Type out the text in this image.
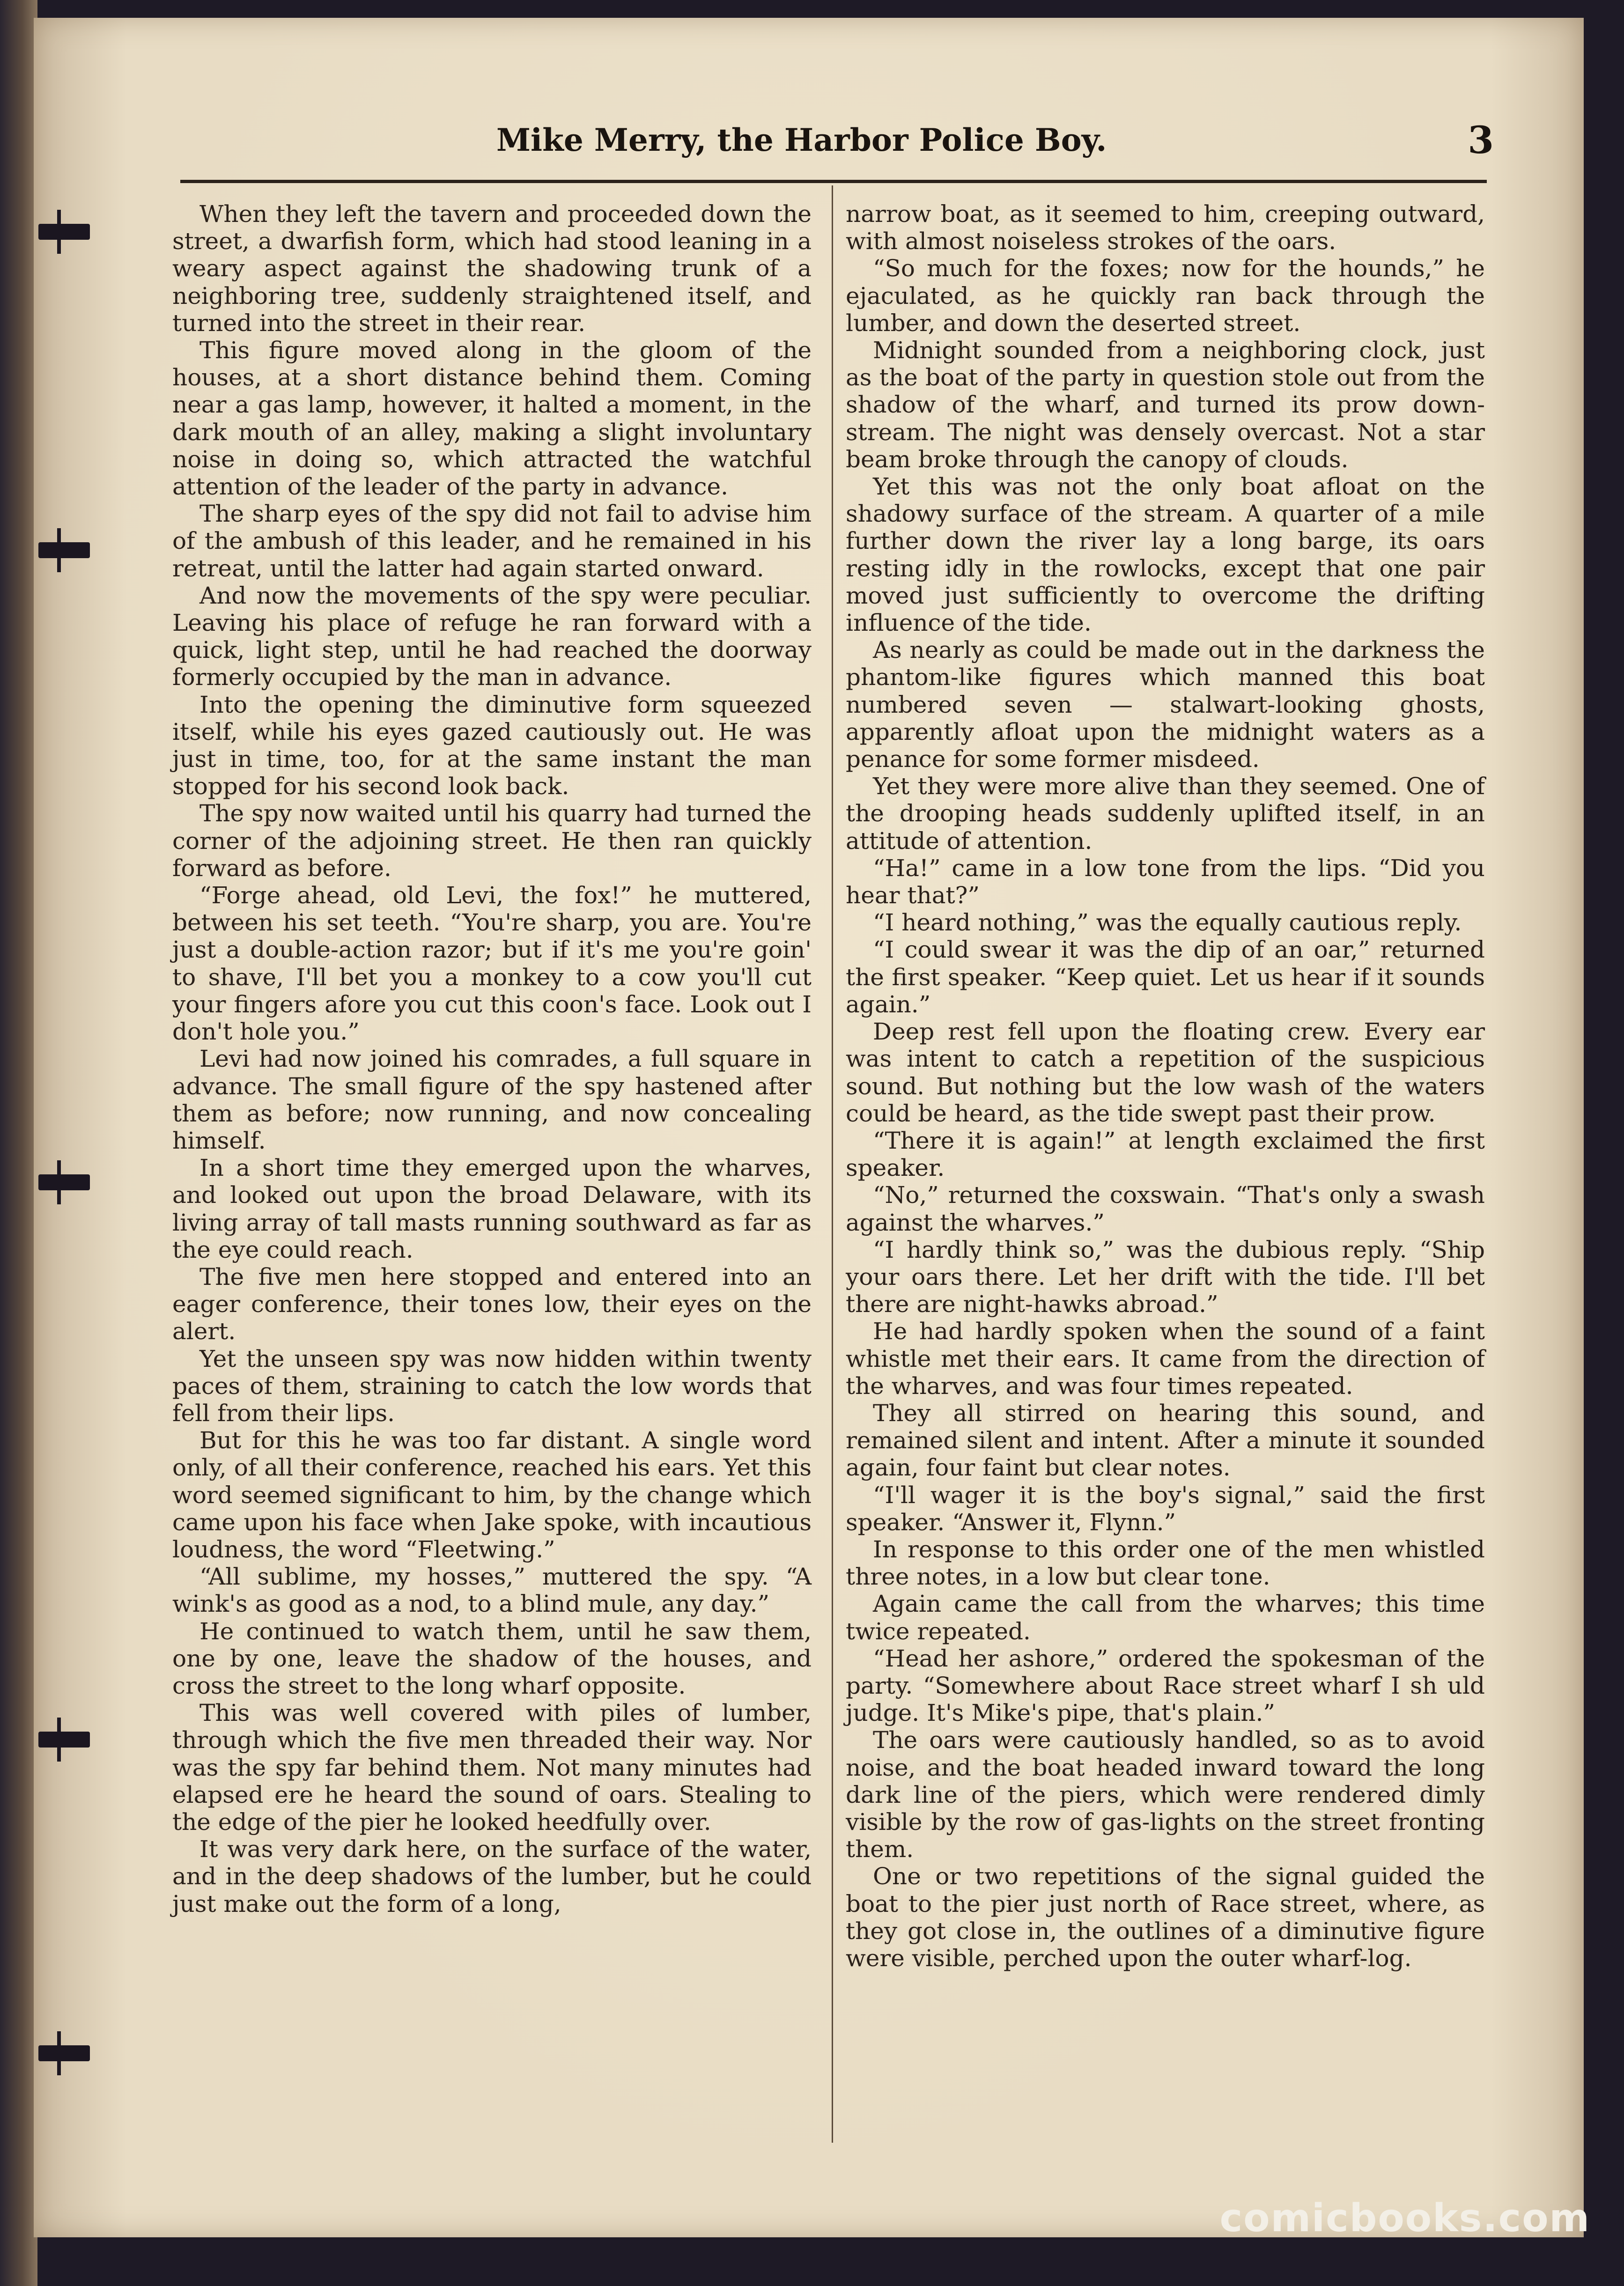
Mike Merry, the Harbor Police Boy.	3

When they left the tavern and proceeded down the street, a dwarfish form, which had stood leaning in a weary aspect against the shadowing trunk of a neighboring tree, suddenly straightened itself, and turned into the street in their rear.

This figure moved along in the gloom of the houses, at a short distance behind them. Coming near a gas lamp, however, it halted a moment, in the dark mouth of an alley, making a slight involuntary noise in doing so, which attracted the watchful attention of the leader of the party in advance.

The sharp eyes of the spy did not fail to advise him of the ambush of this leader, and he remained in his retreat, until the latter had again started onward.

And now the movements of the spy were peculiar. Leaving his place of refuge he ran forward with a quick, light step, until he had reached the doorway formerly occupied by the man in advance.

Into the opening the diminutive form squeezed itself, while his eyes gazed cautiously out. He was just in time, too, for at the same instant the man stopped for his second look back.

The spy now waited until his quarry had turned the corner of the adjoining street. He then ran quickly forward as before.

“Forge ahead, old Levi, the fox!” he muttered, between his set teeth. “You're sharp, you are. You're just a double-action razor; but if it's me you're goin' to shave, I'll bet you a monkey to a cow you'll cut your fingers afore you cut this coon's face. Look out I don't hole you.”

Levi had now joined his comrades, a full square in advance. The small figure of the spy hastened after them as before; now running, and now concealing himself.

In a short time they emerged upon the wharves, and looked out upon the broad Delaware, with its living array of tall masts running southward as far as the eye could reach.

The five men here stopped and entered into an eager conference, their tones low, their eyes on the alert.

Yet the unseen spy was now hidden within twenty paces of them, straining to catch the low words that fell from their lips.

But for this he was too far distant. A single word only, of all their conference, reached his ears. Yet this word seemed significant to him, by the change which came upon his face when Jake spoke, with incautious loudness, the word “Fleetwing.”

“All sublime, my hosses,” muttered the spy. “A wink's as good as a nod, to a blind mule, any day.”

He continued to watch them, until he saw them, one by one, leave the shadow of the houses, and cross the street to the long wharf opposite.

This was well covered with piles of lumber, through which the five men threaded their way. Nor was the spy far behind them. Not many minutes had elapsed ere he heard the sound of oars. Stealing to the edge of the pier he looked heedfully over.

It was very dark here, on the surface of the water, and in the deep shadows of the lumber, but he could just make out the form of a long,

narrow boat, as it seemed to him, creeping outward, with almost noiseless strokes of the oars.

“So much for the foxes; now for the hounds,” he ejaculated, as he quickly ran back through the lumber, and down the deserted street.

Midnight sounded from a neighboring clock, just as the boat of the party in question stole out from the shadow of the wharf, and turned its prow down-stream. The night was densely overcast. Not a star beam broke through the canopy of clouds.

Yet this was not the only boat afloat on the shadowy surface of the stream. A quarter of a mile further down the river lay a long barge, its oars resting idly in the rowlocks, except that one pair moved just sufficiently to overcome the drifting influence of the tide.

As nearly as could be made out in the darkness the phantom-like figures which manned this boat numbered seven — stalwart-looking ghosts, apparently afloat upon the midnight waters as a penance for some former misdeed.

Yet they were more alive than they seemed. One of the drooping heads suddenly uplifted itself, in an attitude of attention.

“Ha!” came in a low tone from the lips. “Did you hear that?”

“I heard nothing,” was the equally cautious reply.

“I could swear it was the dip of an oar,” returned the first speaker. “Keep quiet. Let us hear if it sounds again.”

Deep rest fell upon the floating crew. Every ear was intent to catch a repetition of the suspicious sound. But nothing but the low wash of the waters could be heard, as the tide swept past their prow.

“There it is again!” at length exclaimed the first speaker.

“No,” returned the coxswain. “That's only a swash against the wharves.”

“I hardly think so,” was the dubious reply. “Ship your oars there. Let her drift with the tide. I'll bet there are night-hawks abroad.”

He had hardly spoken when the sound of a faint whistle met their ears. It came from the direction of the wharves, and was four times repeated.

They all stirred on hearing this sound, and remained silent and intent. After a minute it sounded again, four faint but clear notes.

“I'll wager it is the boy's signal,” said the first speaker. “Answer it, Flynn.”

In response to this order one of the men whistled three notes, in a low but clear tone.

Again came the call from the wharves; this time twice repeated.

“Head her ashore,” ordered the spokesman of the party. “Somewhere about Race street wharf I sh uld judge. It's Mike's pipe, that's plain.”

The oars were cautiously handled, so as to avoid noise, and the boat headed inward toward the long dark line of the piers, which were rendered dimly visible by the row of gas-lights on the street fronting them.

One or two repetitions of the signal guided the boat to the pier just north of Race street, where, as they got close in, the outlines of a diminutive figure were visible, perched upon the outer wharf-log.

comicbooks.com
